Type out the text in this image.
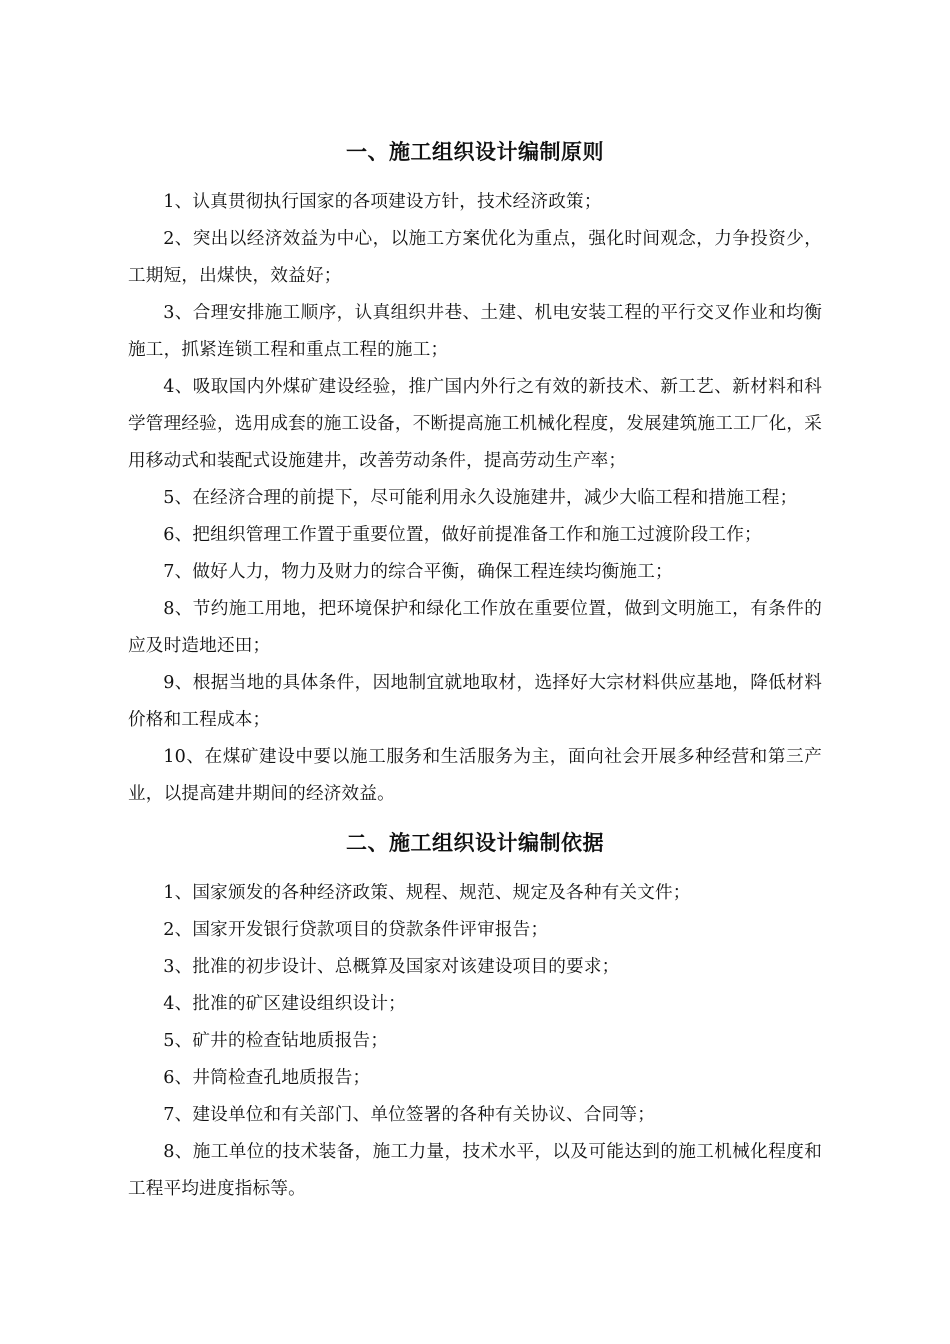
一、施工组织设计编制原则
1、认真贯彻执行国家的各项建设方针，技术经济政策；
2、突出以经济效益为中心，以施工方案优化为重点，强化时间观念，力争投资少，工期短，出煤快，效益好；
3、合理安排施工顺序，认真组织井巷、土建、机电安装工程的平行交叉作业和均衡施工，抓紧连锁工程和重点工程的施工；
4、吸取国内外煤矿建设经验，推广国内外行之有效的新技术、新工艺、新材料和科学管理经验，选用成套的施工设备，不断提高施工机械化程度，发展建筑施工工厂化，采用移动式和装配式设施建井，改善劳动条件，提高劳动生产率；
5、在经济合理的前提下，尽可能利用永久设施建井，减少大临工程和措施工程；
6、把组织管理工作置于重要位置，做好前提准备工作和施工过渡阶段工作；
7、做好人力，物力及财力的综合平衡，确保工程连续均衡施工；
8、节约施工用地，把环境保护和绿化工作放在重要位置，做到文明施工，有条件的应及时造地还田；
9、根据当地的具体条件，因地制宜就地取材，选择好大宗材料供应基地，降低材料价格和工程成本；
10、在煤矿建设中要以施工服务和生活服务为主，面向社会开展多种经营和第三产业，以提高建井期间的经济效益。
二、施工组织设计编制依据
1、国家颁发的各种经济政策、规程、规范、规定及各种有关文件；
2、国家开发银行贷款项目的贷款条件评审报告；
3、批准的初步设计、总概算及国家对该建设项目的要求；
4、批准的矿区建设组织设计；
5、矿井的检查钻地质报告；
6、井筒检查孔地质报告；
7、建设单位和有关部门、单位签署的各种有关协议、合同等；
8、施工单位的技术装备，施工力量，技术水平，以及可能达到的施工机械化程度和工程平均进度指标等。
